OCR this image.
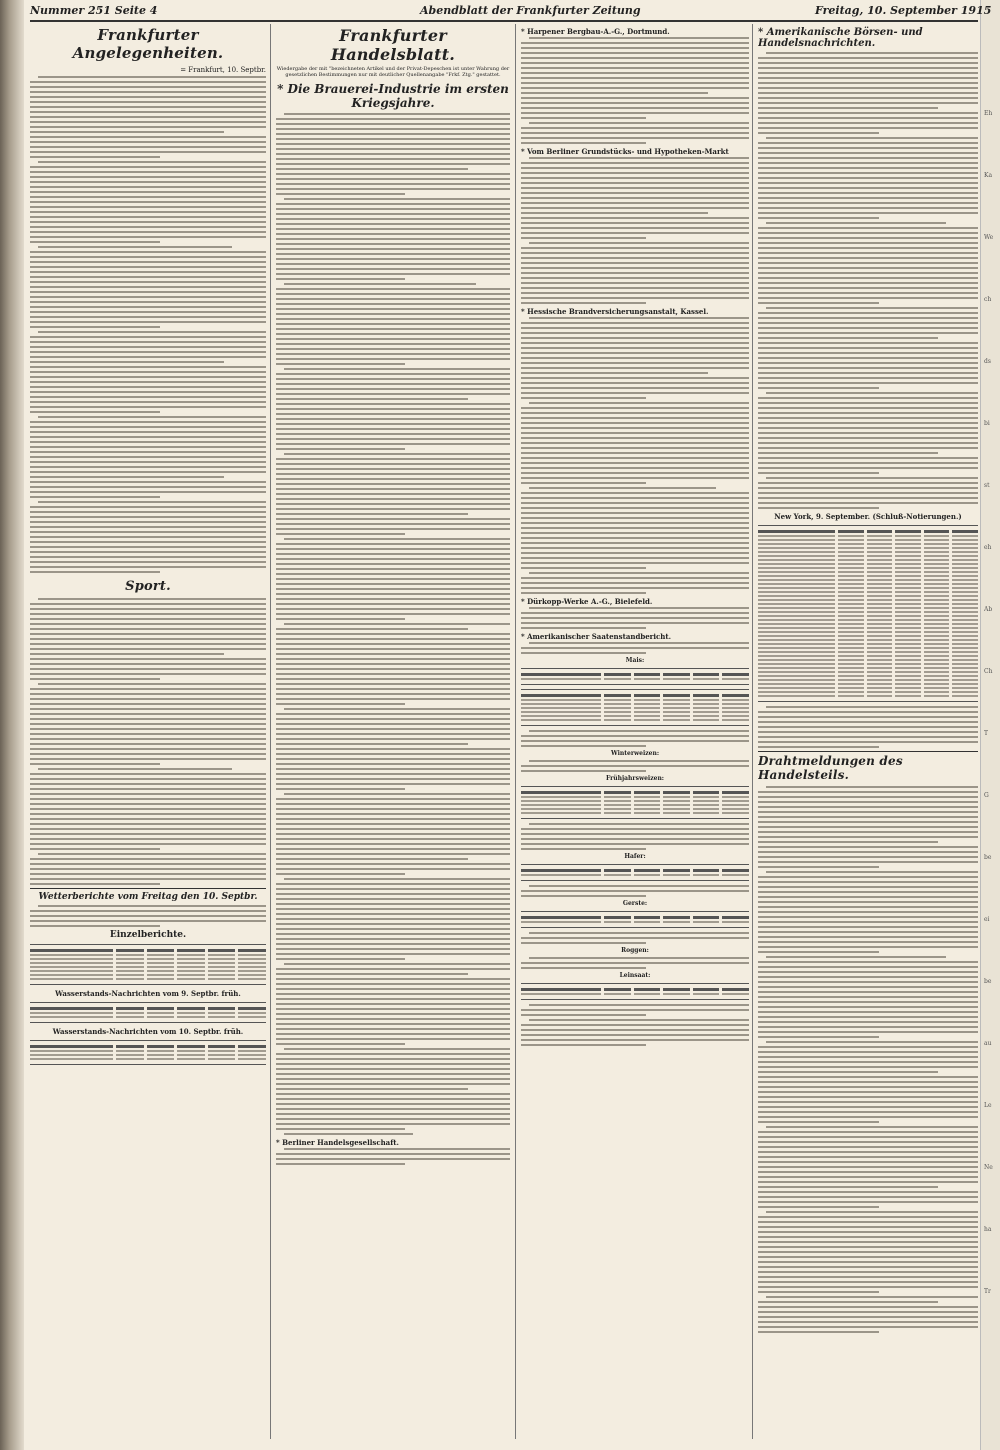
Eh
Ka
We
ch
ds
bi
st
eh
Ab
Ch
T
G
be
ei
be
au
Le
Ne
ha
Tr
Nummer 251 Seite 4	Abendblatt der Frankfurter Zeitung	Freitag, 10. September 1915
Frankfurter Angelegenheiten.
= Frankfurt, 10. Septbr.
Sport.
Wetterberichte vom Freitag den 10. Septbr.
Einzelberichte.
Wasserstands-Nachrichten vom 9. Septbr. früh.
Wasserstands-Nachrichten vom 10. Septbr. früh.
Frankfurter Handelsblatt.
Wiedergabe der mit "bezeichneten Artikel und der Privat-Depeschen ist unter Wahrung der gesetzlichen Bestimmungen nur mit deutlicher Quellenangabe "Frkf. Ztg." gestattet.
* Die Brauerei-Industrie im ersten Kriegsjahre.
* Berliner Handelsgesellschaft.
* Harpener Bergbau-A.-G., Dortmund.
* Vom Berliner Grundstücks- und Hypotheken-Markt
* Hessische Brandversicherungsanstalt, Kassel.
* Dürkopp-Werke A.-G., Bielefeld.
* Amerikanischer Saatenstandbericht.
Mais:
Winterweizen:
Frühjahrsweizen:
Hafer:
Gerste:
Roggen:
Leinsaat:
* Amerikanische Börsen- und Handelsnachrichten.
New York, 9. September. (Schluß-Notierungen.)
Drahtmeldungen des Handelsteils.
